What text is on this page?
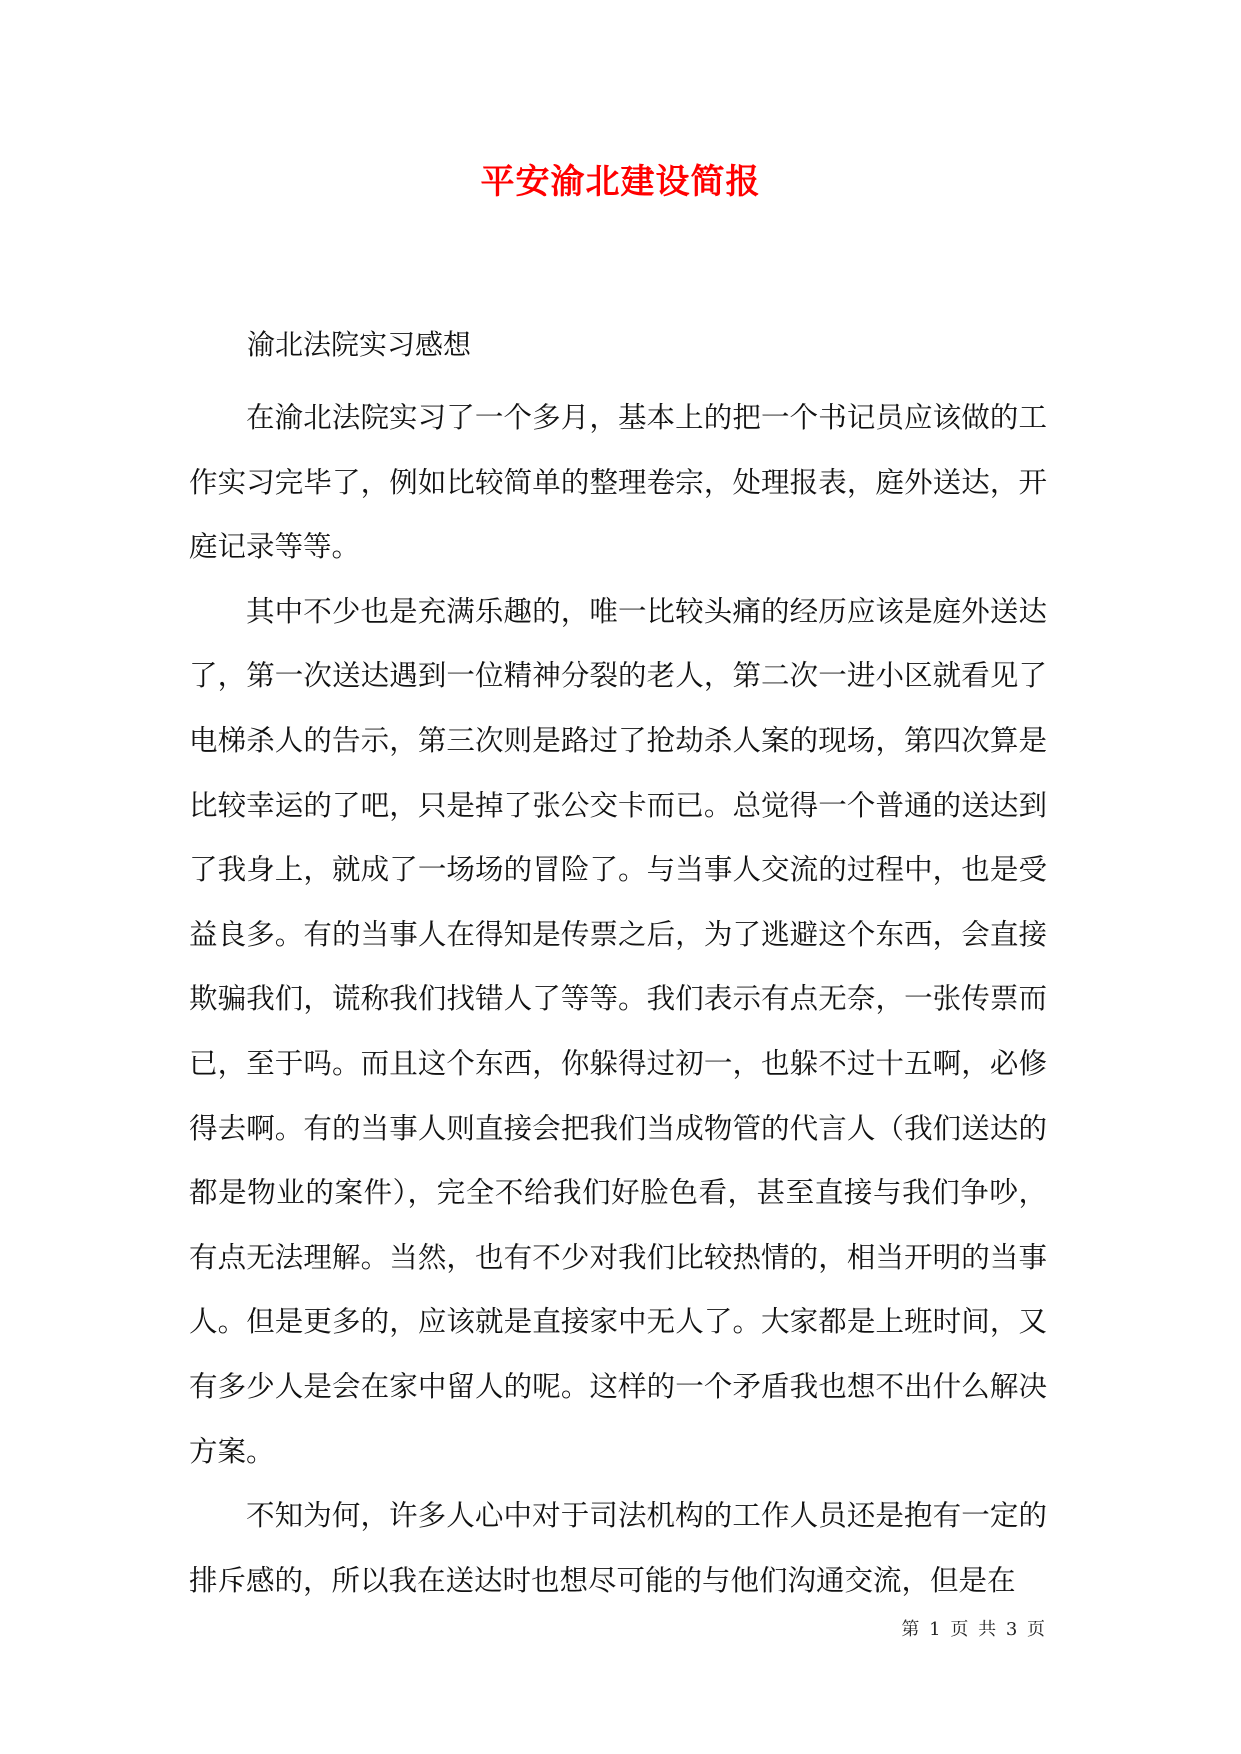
平安渝北建设简报
渝北法院实习感想

在渝北法院实习了一个多月，基本上的把一个书记员应该做的工作实习完毕了，例如比较简单的整理卷宗，处理报表，庭外送达，开庭记录等等。

其中不少也是充满乐趣的，唯一比较头痛的经历应该是庭外送达了，第一次送达遇到一位精神分裂的老人，第二次一进小区就看见了电梯杀人的告示，第三次则是路过了抢劫杀人案的现场，第四次算是比较幸运的了吧，只是掉了张公交卡而已。总觉得一个普通的送达到了我身上，就成了一场场的冒险了。与当事人交流的过程中，也是受益良多。有的当事人在得知是传票之后，为了逃避这个东西，会直接欺骗我们，谎称我们找错人了等等。我们表示有点无奈，一张传票而已，至于吗。而且这个东西，你躲得过初一，也躲不过十五啊，必修得去啊。有的当事人则直接会把我们当成物管的代言人（我们送达的都是物业的案件），完全不给我们好脸色看，甚至直接与我们争吵，有点无法理解。当然，也有不少对我们比较热情的，相当开明的当事人。但是更多的，应该就是直接家中无人了。大家都是上班时间，又有多少人是会在家中留人的呢。这样的一个矛盾我也想不出什么解决方案。

不知为何，许多人心中对于司法机构的工作人员还是抱有一定的排斥感的，所以我在送达时也想尽可能的与他们沟通交流，但是在

第 1 页 共 3 页
